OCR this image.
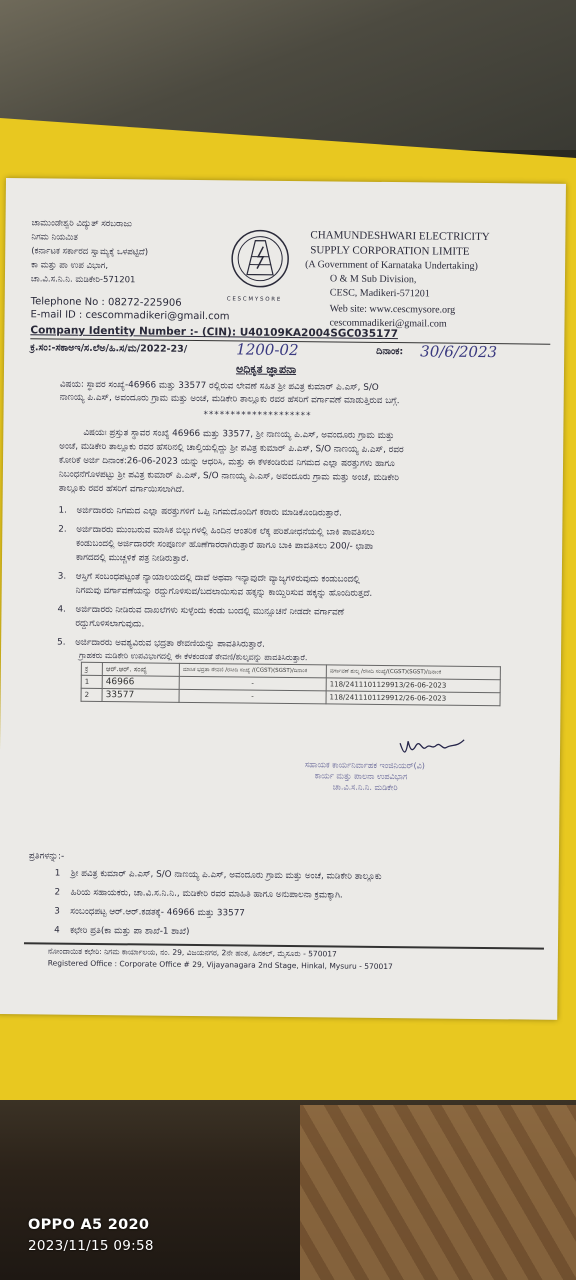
ಚಾಮುಂಡೇಶ್ವರಿ ವಿದ್ಯುತ್ ಸರಬರಾಜು
ನಿಗಮ ನಿಯಮಿತ
(ಕರ್ನಾಟಕ ಸರ್ಕಾರದ ಸ್ವಾಮ್ಯಕ್ಕೆ ಒಳಪಟ್ಟಿದೆ)
ಕಾ ಮತ್ತು ಪಾ ಉಪ ವಿಭಾಗ,
ಚಾ.ವಿ.ಸ.ನಿ.ನಿ. ಮಡಿಕೇರಿ-571201
C E S C M Y S O R E
CHAMUNDESHWARI ELECTRICITY
SUPPLY CORPORATION LIMITE
(A Government of Karnataka Undertaking)
O & M Sub Division,
CESC, Madikeri-571201
Web site: www.cescmysore.org
cescommadikeri@gmail.com
Telephone No : 08272-225906
E-mail ID : cescommadikeri@gmail.com
Company Identity Number :- (CIN): U40109KA2004SGC035177
ಕ್ರ.ಸಂ:-ಸಕಾಅಇ/ಸ.ಲೆಅ/ಹಿ.ಸ/ಮ/2022-23/	1200-02	ದಿನಾಂಕ: 30/6/2023
ಅಧಿಕೃತ ಜ್ಞಾಪನಾ
ವಿಷಯ: ಸ್ಥಾವರ ಸಂಖ್ಯೆ-46966 ಮತ್ತು 33577 ರಲ್ಲಿರುವ ಲೇವಣೆ ಸಹಿತ ಶ್ರೀ ಪವಿತ್ರ ಕುಮಾರ್ ಪಿ.ಎಸ್, S/O
ನಾಣಯ್ಯ ಪಿ.ಎಸ್, ಅವಂದೂರು ಗ್ರಾಮ ಮತ್ತು ಅಂಚೆ, ಮಡಿಕೇರಿ ತಾಲ್ಲೂಕು ರವರ ಹೆಸರಿಗೆ ವರ್ಗಾವಣೆ ಮಾಡುತ್ತಿರುವ ಬಗ್ಗೆ.
********************
ವಿಷಯಃ ಪ್ರಸ್ತುತ ಸ್ಥಾವರ ಸಂಖ್ಯೆ 46966 ಮತ್ತು 33577, ಶ್ರೀ ನಾಣಯ್ಯ ಪಿ.ಎಸ್, ಅವಂದೂರು ಗ್ರಾಮ ಮತ್ತು
ಅಂಚೆ, ಮಡಿಕೇರಿ ತಾಲ್ಲೂಕು ರವರ ಹೆಸರಿನಲ್ಲಿ ಚಾಲ್ತಿಯಲ್ಲಿದ್ದು ಶ್ರೀ ಪವಿತ್ರ ಕುಮಾರ್ ಪಿ.ಎಸ್, S/O ನಾಣಯ್ಯ ಪಿ.ಎಸ್, ರವರ
ಕೋರಿಕೆ ಅರ್ಜಿ ದಿನಾಂಕ:26-06-2023 ಯನ್ನು ಆಧರಿಸಿ, ಮತ್ತು ಈ ಕೆಳಕಂಡಿರುವ ನಿಗಮದ ಎಲ್ಲಾ ಷರತ್ತುಗಳು ಹಾಗೂ
ನಿಬಂಧನೆಗೊಳಪಟ್ಟು ಶ್ರೀ ಪವಿತ್ರ ಕುಮಾರ್ ಪಿ.ಎಸ್, S/O ನಾಣಯ್ಯ ಪಿ.ಎಸ್, ಅವಂದೂರು ಗ್ರಾಮ ಮತ್ತು ಅಂಚೆ, ಮಡಿಕೇರಿ
ತಾಲ್ಲೂಕು ರವರ ಹೆಸರಿಗೆ ವರ್ಗಾಯಿಸಲಾಗಿದೆ.
1. ಅರ್ಜಿದಾರರು ನಿಗಮದ ಎಲ್ಲಾ ಷರತ್ತುಗಳಿಗೆ ಒಪ್ಪಿ ನಿಗಮದೊಂದಿಗೆ ಕರಾರು ಮಾಡಿಕೊಂಡಿರುತ್ತಾರೆ.
2. ಅರ್ಜಿದಾರರು ಮುಂಬರುವ ಮಾಸಿಕ ಬಿಲ್ಲುಗಳಲ್ಲಿ ಹಿಂದಿನ ಆಂತರಿಕ ಲೆಕ್ಕ ಪರಿಶೋಧನೆಯಲ್ಲಿ ಬಾಕಿ ಪಾವತಿಸಲು
ಕಂಡುಬಂದಲ್ಲಿ ಅರ್ಜಿದಾರರೇ ಸಂಪೂರ್ಣ ಹೊಣೆಗಾರರಾಗಿರುತ್ತಾರೆ ಹಾಗೂ ಬಾಕಿ ಪಾವತಿಸಲು 200/- ಛಾಪಾ
ಕಾಗದದಲ್ಲಿ ಮುಚ್ಚಳಿಕೆ ಪತ್ರ ನೀಡಿರುತ್ತಾರೆ.
3. ಆಸ್ತಿಗೆ ಸಂಬಂಧಪಟ್ಟಂತೆ ನ್ಯಾಯಾಲಯದಲ್ಲಿ ದಾವೆ ಅಥವಾ ಇನ್ಯಾವುದೇ ವ್ಯಾಜ್ಯಗಳಿರುವುದು ಕಂಡುಬಂದಲ್ಲಿ
ನಿಗಮವು ವರ್ಗಾವಣೆಯನ್ನು ರದ್ದುಗೊಳಿಸುವ/ಬದಲಾಯಿಸುವ ಹಕ್ಕನ್ನು ಕಾಯ್ದಿರಿಸುವ ಹಕ್ಕನ್ನು ಹೊಂದಿರುತ್ತದೆ.
4. ಅರ್ಜಿದಾರರು ನೀಡಿರುವ ದಾಖಲೆಗಳು ಸುಳ್ಳೆಂದು ಕಂಡು ಬಂದಲ್ಲಿ ಮುನ್ಸೂಚನೆ ನೀಡದೇ ವರ್ಗಾವಣೆ
ರದ್ದುಗೊಳಿಸಲಾಗುವುದು.
5. ಅರ್ಜಿದಾರರು ಅವಶ್ಯವಿರುವ ಭದ್ರತಾ ಠೇವಣಿಯನ್ನು ಪಾವತಿಸಿರುತ್ತಾರೆ.
ಗ್ರಾಹಕರು ಮಡಿಕೇರಿ ಉಪವಿಭಾಗದಲ್ಲಿ ಈ ಕೆಳಕಂಡಂತೆ ಠೇವಣಿ/ಶುಲ್ಕವನ್ನು ಪಾವತಿಸಿರುತ್ತಾರೆ.
ಕ್ರ	ಆರ್.ಆರ್. ಸಂಖ್ಯೆ	ಮಾಸಿಕ ಭದ್ರತಾ ಠೇವಣಿ /ರಸೀದಿ ಸಂಖ್ಯೆ /(CGST)(SGST)/ದಿನಾಂಕ	ವರ್ಗಾವಣೆ ಶುಲ್ಕ /ರಸೀದಿ ಸಂಖ್ಯೆ/(CGST)(SGST)/ದಿನಾಂಕ
1	46966	-	118/2411101129913/26-06-2023
2	33577	-	118/2411101129912/26-06-2023
ಸಹಾಯಕ ಕಾರ್ಯನಿರ್ವಾಹಕ ಇಂಜಿನಿಯರ್(ವಿ)
ಕಾರ್ಯ ಮತ್ತು ಪಾಲನಾ ಉಪವಿಭಾಗ
ಚಾ.ವಿ.ಸ.ನಿ.ನಿ. ಮಡಿಕೇರಿ
ಪ್ರತಿಗಳನ್ನು:-
1 ಶ್ರೀ ಪವಿತ್ರ ಕುಮಾರ್ ಪಿ.ಎಸ್, S/O ನಾಣಯ್ಯ ಪಿ.ಎಸ್, ಅವಂದೂರು ಗ್ರಾಮ ಮತ್ತು ಅಂಚೆ, ಮಡಿಕೇರಿ ತಾಲ್ಲೂಕು
2 ಹಿರಿಯ ಸಹಾಯಕರು, ಚಾ.ವಿ.ಸ.ನಿ.ನಿ., ಮಡಿಕೇರಿ ರವರ ಮಾಹಿತಿ ಹಾಗೂ ಅನುಪಾಲನಾ ಕ್ರಮಕ್ಕಾಗಿ.
3 ಸಂಬಂಧಪಟ್ಟ ಆರ್.ಆರ್.ಕಡತಕ್ಕೆ- 46966 ಮತ್ತು 33577
4 ಕಛೇರಿ ಪ್ರತಿ(ಕಾ ಮತ್ತು ಪಾ ಶಾಖೆ-1 ಶಾಖೆ)
ನೋಂದಾಯಿತ ಕಛೇರಿ: ನಿಗಮ ಕಾರ್ಯಾಲಯ, ನಂ. 29, ವಿಜಯನಗರ, 2ನೇ ಹಂತ, ಹಿನಕಲ್, ಮೈಸೂರು - 570017
Registered Office : Corporate Office # 29, Vijayanagara 2nd Stage, Hinkal, Mysuru - 570017
OPPO A5 2020
2023/11/15 09:58
